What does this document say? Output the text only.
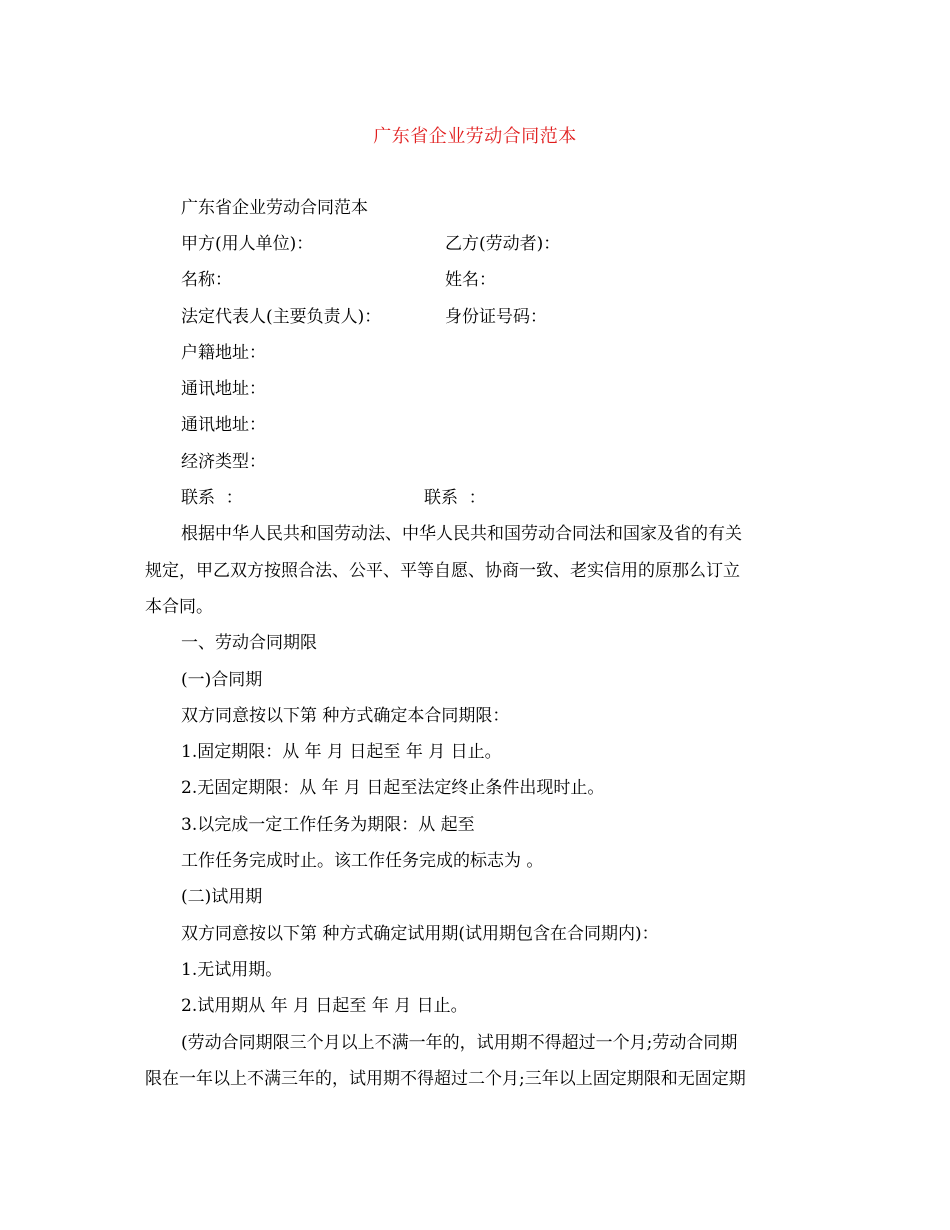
广东省企业劳动合同范本
广东省企业劳动合同范本
甲方(用人单位)：	乙方(劳动者)：
名称：	姓名：
法定代表人(主要负责人)：	身份证号码：
户籍地址：
通讯地址：
通讯地址：
经济类型：
联系  ：	联系  ：
根据中华人民共和国劳动法、中华人民共和国劳动合同法和国家及省的有关
规定，甲乙双方按照合法、公平、平等自愿、协商一致、老实信用的原那么订立
本合同。
一、劳动合同期限
(一)合同期
双方同意按以下第 种方式确定本合同期限：
1.固定期限：从 年 月 日起至 年 月 日止。
2.无固定期限：从 年 月 日起至法定终止条件出现时止。
3.以完成一定工作任务为期限：从 起至
工作任务完成时止。该工作任务完成的标志为 。
(二)试用期
双方同意按以下第 种方式确定试用期(试用期包含在合同期内)：
1.无试用期。
2.试用期从 年 月 日起至 年 月 日止。
(劳动合同期限三个月以上不满一年的，试用期不得超过一个月;劳动合同期
限在一年以上不满三年的，试用期不得超过二个月;三年以上固定期限和无固定期
